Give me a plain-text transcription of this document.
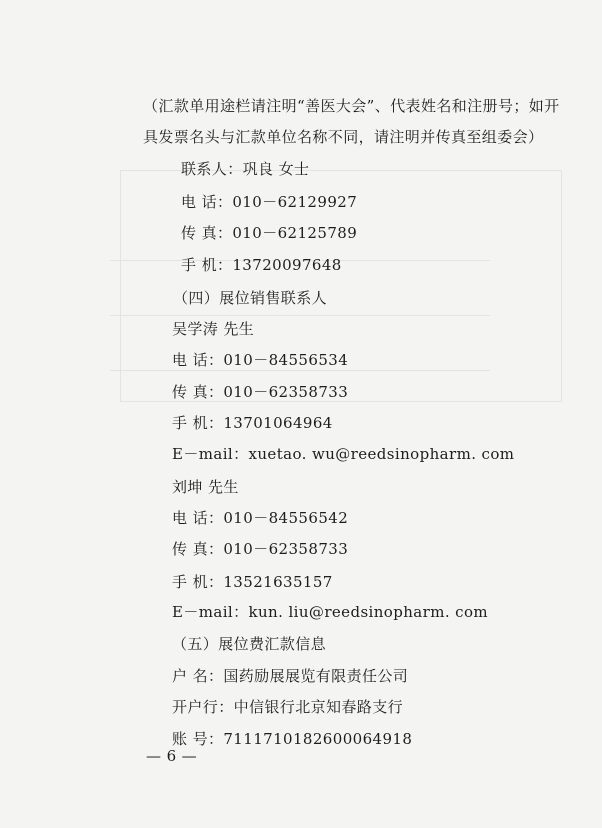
（汇款单用途栏请注明“善医大会”、代表姓名和注册号；如开
具发票名头与汇款单位名称不同，请注明并传真至组委会）
联系人：巩良 女士
电 话：010－62129927
传 真：010－62125789
手 机：13720097648
（四）展位销售联系人
吴学涛 先生
电 话：010－84556534
传 真：010－62358733
手 机：13701064964
E－mail：xuetao. wu@reedsinopharm. com
刘坤 先生
电 话：010－84556542
传 真：010－62358733
手 机：13521635157
E－mail：kun. liu@reedsinopharm. com
（五）展位费汇款信息
户 名：国药励展展览有限责任公司
开户行：中信银行北京知春路支行
账 号：7111710182600064918
— 6 —
